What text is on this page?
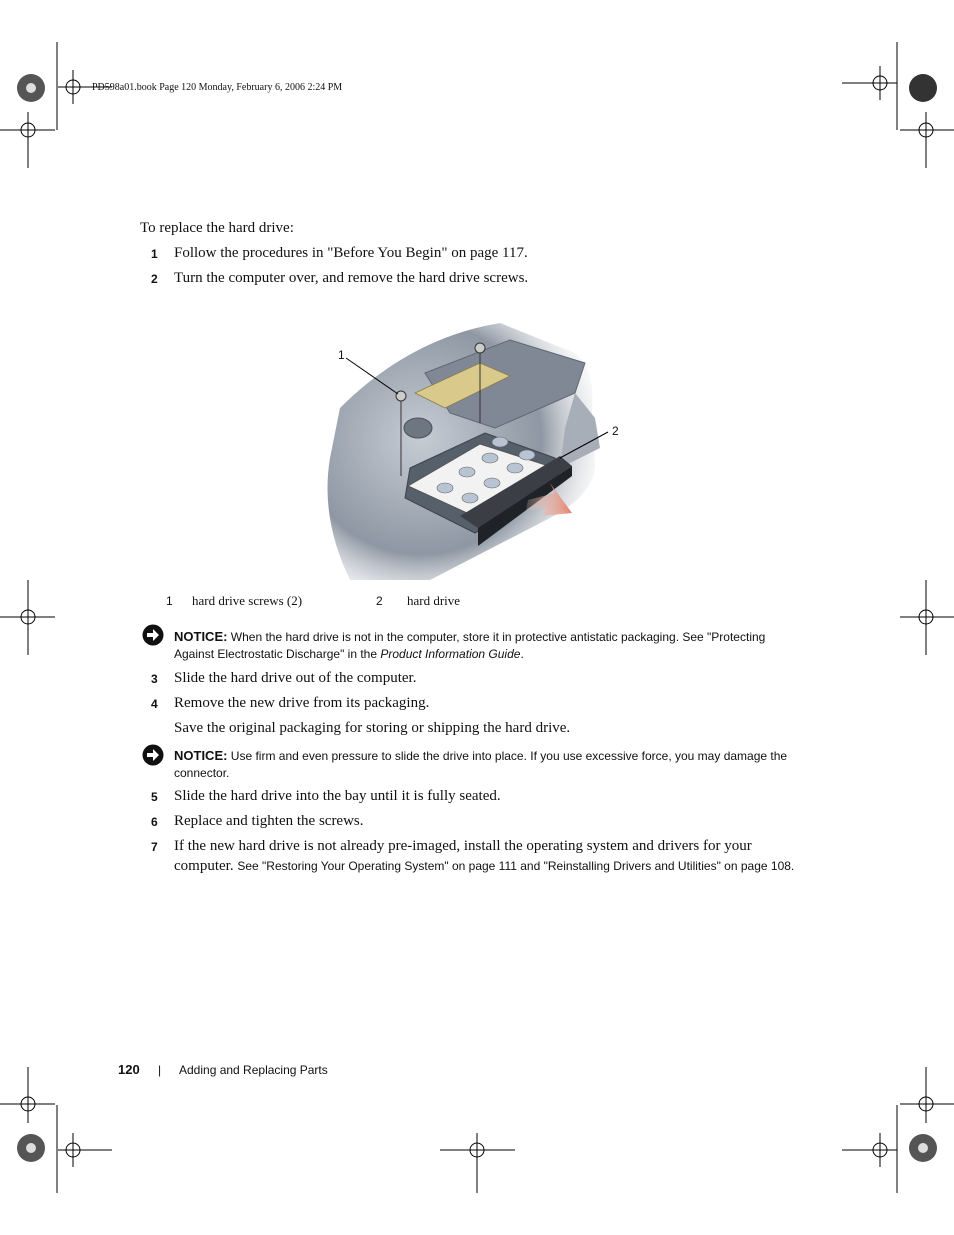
PD598a01.book Page 120 Monday, February 6, 2006 2:24 PM
To replace the hard drive:
1 Follow the procedures in "Before You Begin" on page 117.
2 Turn the computer over, and remove the hard drive screws.
1
2
1 hard drive screws (2)	2 hard drive
NOTICE: When the hard drive is not in the computer, store it in protective antistatic packaging. See "Protecting
Against Electrostatic Discharge" in the Product Information Guide.
3 Slide the hard drive out of the computer.
4 Remove the new drive from its packaging.
Save the original packaging for storing or shipping the hard drive.
NOTICE: Use firm and even pressure to slide the drive into place. If you use excessive force, you may damage the
connector.
5 Slide the hard drive into the bay until it is fully seated.
6 Replace and tighten the screws.
7 If the new hard drive is not already pre-imaged, install the operating system and drivers for your
computer. See "Restoring Your Operating System" on page 111 and "Reinstalling Drivers and Utilities" on page 108.
120 | Adding and Replacing Parts
